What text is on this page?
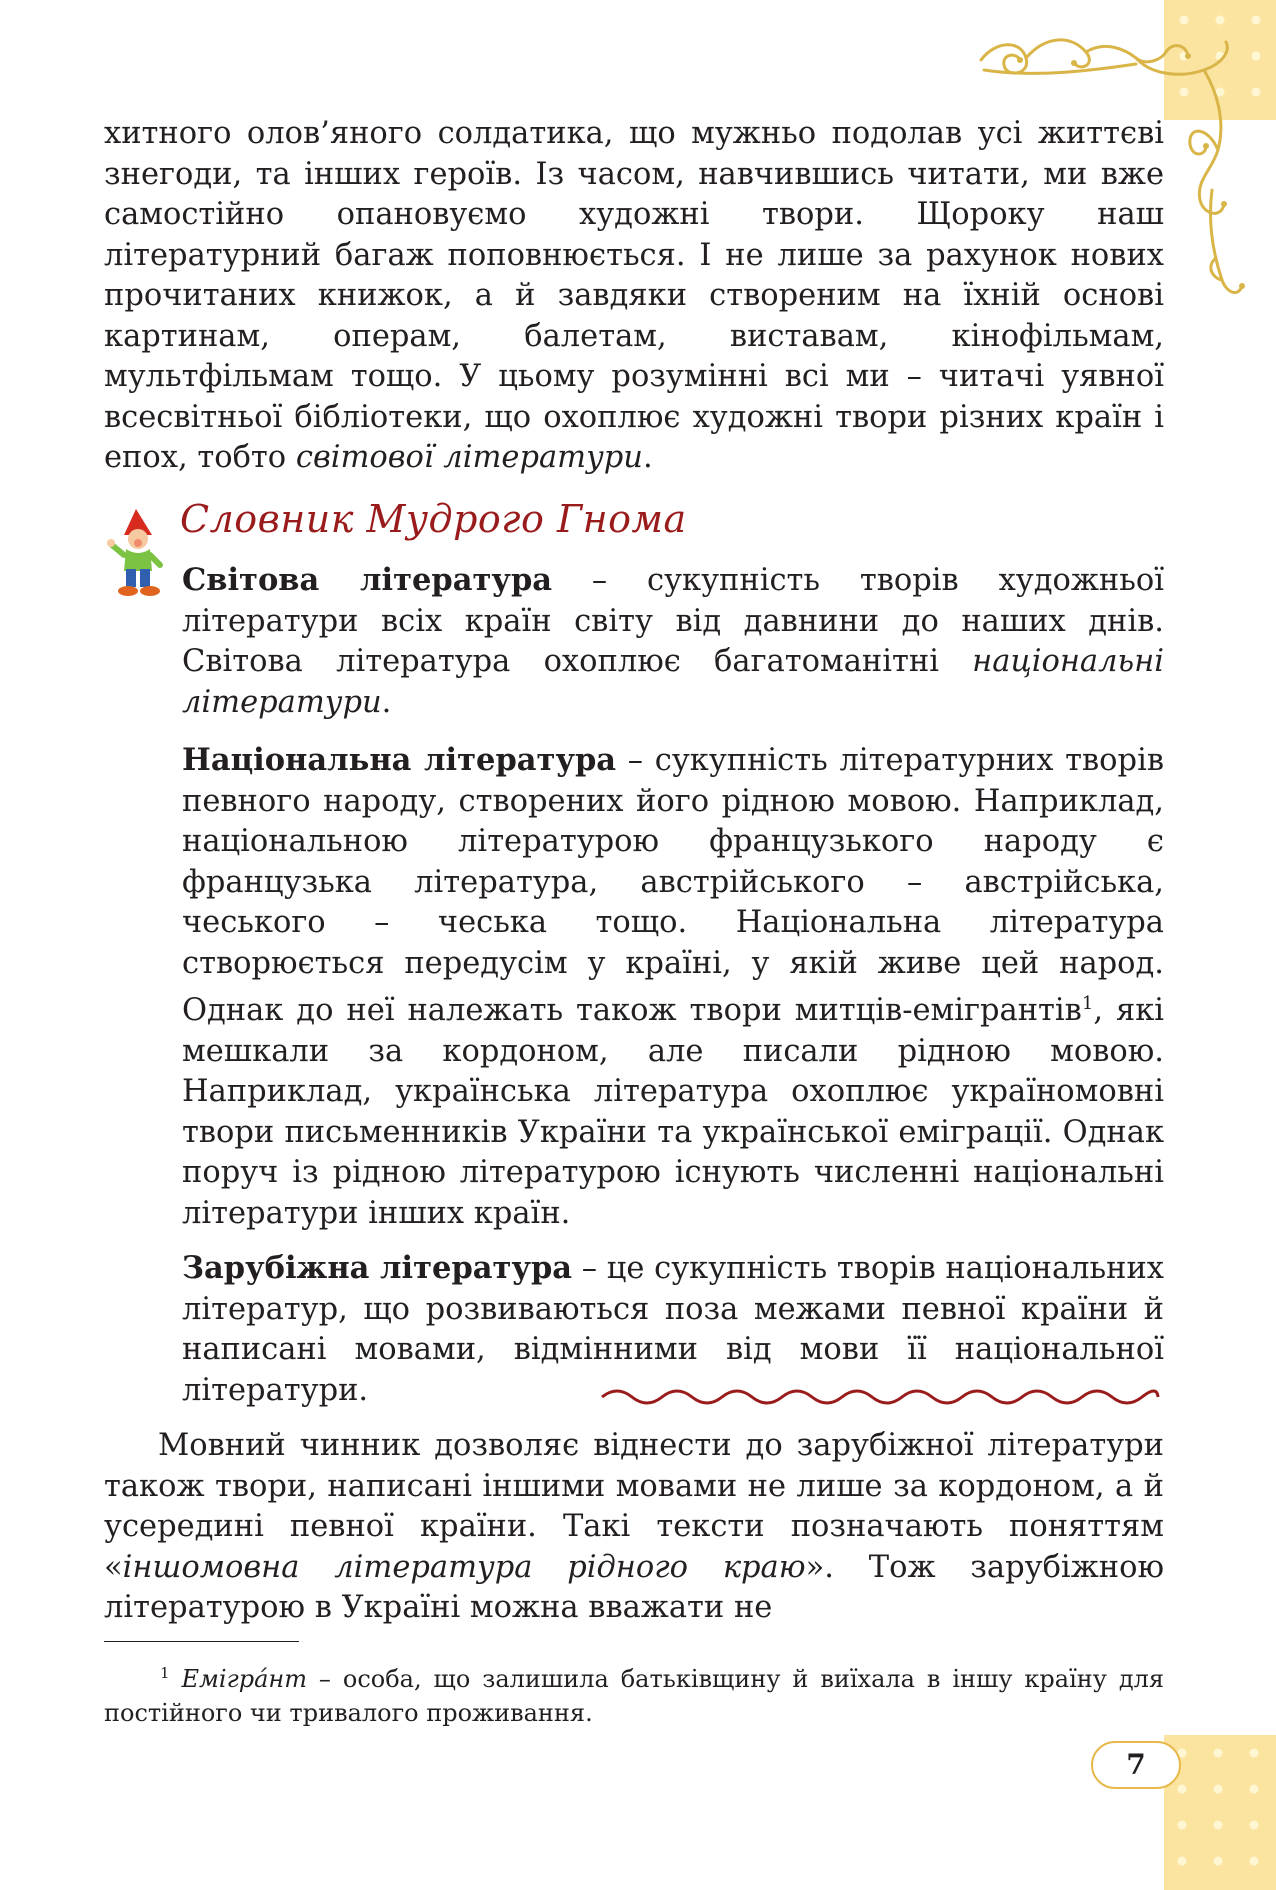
хитного олов’яного солдатика, що мужньо подолав усі життєві знегоди, та інших героїв. Із часом, навчившись читати, ми вже самостійно опановуємо художні твори. Щороку наш літературний багаж поповнюється. І не лише за рахунок нових прочитаних книжок, а й завдяки створеним на їхній основі картинам, операм, балетам, виставам, кінофільмам, мультфільмам тощо. У цьому розумінні всі ми – читачі уявної всесвітньої бібліотеки, що охоплює художні твори різних країн і епох, тобто світової літератури.

Словник Мудрого Гнома

Світова література – сукупність творів художньої літератури всіх країн світу від давнини до наших днів. Світова література охоплює багатоманітні національні літератури.

Національна література – сукупність літературних творів певного народу, створених його рідною мовою. Наприклад, національною літературою французького народу є французька література, австрійського – австрійська, чеського – чеська тощо. Національна література створюється передусім у країні, у якій живе цей народ. Однак до неї належать також твори митців-емігрантів$^1$, які мешкали за кордоном, але писали рідною мовою. Наприклад, українська література охоплює україномовні твори письменників України та української еміграції. Однак поруч із рідною літературою існують численні національні літератури інших країн.

Зарубіжна література – це сукупність творів національних літератур, що розвиваються поза межами певної країни й написані мовами, відмінними від мови її національної літератури.

Мовний чинник дозволяє віднести до зарубіжної літератури також твори, написані іншими мовами не лише за кордоном, а й усередині певної країни. Такі тексти позначають поняттям «іншомовна література рідного краю». Тож зарубіжною літературою в Україні можна вважати не

$^1$ Емігра́нт – особа, що залишила батьківщину й виїхала в іншу країну для постійного чи тривалого проживання.

7
